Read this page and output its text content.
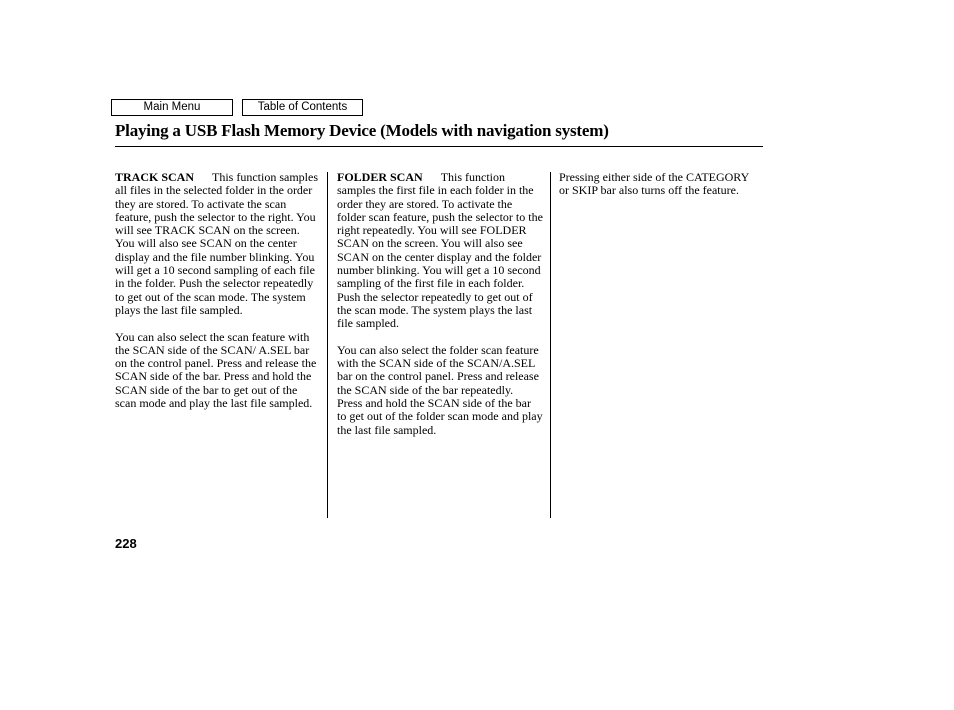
Main Menu	Table of Contents
Playing a USB Flash Memory Device (Models with navigation system)

TRACK SCAN This function samples all files in the selected folder in the order they are stored. To activate the scan feature, push the selector to the right. You will see TRACK SCAN on the screen. You will also see SCAN on the center display and the file number blinking. You will get a 10 second sampling of each file in the folder. Push the selector repeatedly to get out of the scan mode. The system plays the last file sampled.

You can also select the scan feature with the SCAN side of the SCAN/ A.SEL bar on the control panel. Press and release the SCAN side of the bar. Press and hold the SCAN side of the bar to get out of the scan mode and play the last file sampled.

FOLDER SCAN This function samples the first file in each folder in the order they are stored. To activate the folder scan feature, push the selector to the right repeatedly. You will see FOLDER SCAN on the screen. You will also see SCAN on the center display and the folder number blinking. You will get a 10 second sampling of the first file in each folder. Push the selector repeatedly to get out of the scan mode. The system plays the last file sampled.

You can also select the folder scan feature with the SCAN side of the SCAN/A.SEL bar on the control panel. Press and release the SCAN side of the bar repeatedly.

Press and hold the SCAN side of the bar to get out of the folder scan mode and play the last file sampled.

Pressing either side of the CATEGORY or SKIP bar also turns off the feature.

228
